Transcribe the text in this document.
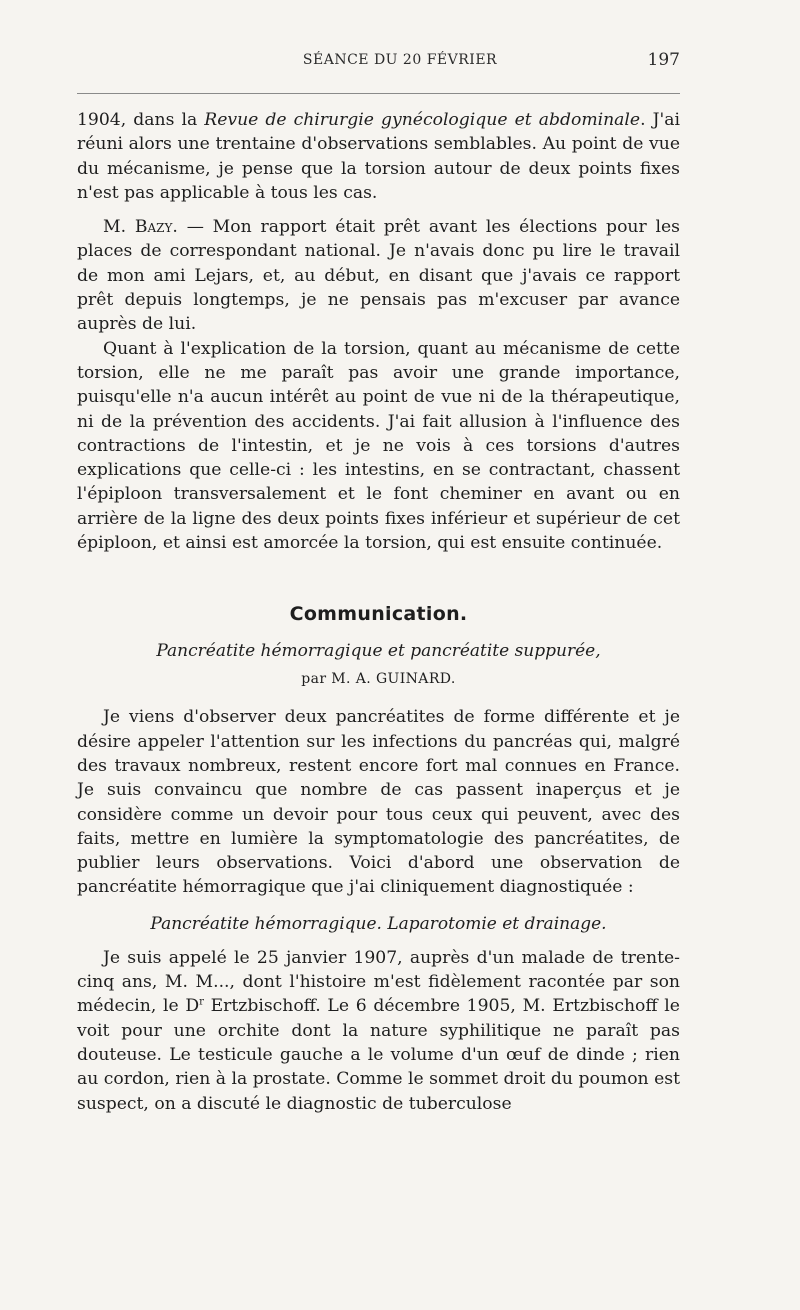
SÉANCE DU 20 FÉVRIER	197

1904, dans la Revue de chirurgie gynécologique et abdominale. J'ai réuni alors une trentaine d'observations semblables. Au point de vue du mécanisme, je pense que la torsion autour de deux points fixes n'est pas applicable à tous les cas.

M. Bazy. — Mon rapport était prêt avant les élections pour les places de correspondant national. Je n'avais donc pu lire le travail de mon ami Lejars, et, au début, en disant que j'avais ce rapport prêt depuis longtemps, je ne pensais pas m'excuser par avance auprès de lui.

Quant à l'explication de la torsion, quant au mécanisme de cette torsion, elle ne me paraît pas avoir une grande importance, puisqu'elle n'a aucun intérêt au point de vue ni de la thérapeutique, ni de la prévention des accidents. J'ai fait allusion à l'influence des contractions de l'intestin, et je ne vois à ces torsions d'autres explications que celle-ci : les intestins, en se contractant, chassent l'épiploon transversalement et le font cheminer en avant ou en arrière de la ligne des deux points fixes inférieur et supérieur de cet épiploon, et ainsi est amorcée la torsion, qui est ensuite continuée.

Communication.
Pancréatite hémorragique et pancréatite suppurée,
par M. A. GUINARD.

Je viens d'observer deux pancréatites de forme différente et je désire appeler l'attention sur les infections du pancréas qui, malgré des travaux nombreux, restent encore fort mal connues en France. Je suis convaincu que nombre de cas passent inaperçus et je considère comme un devoir pour tous ceux qui peuvent, avec des faits, mettre en lumière la symptomatologie des pancréatites, de publier leurs observations. Voici d'abord une observation de pancréatite hémorragique que j'ai cliniquement diagnostiquée :

Pancréatite hémorragique. Laparotomie et drainage.

Je suis appelé le 25 janvier 1907, auprès d'un malade de trente-cinq ans, M. M..., dont l'histoire m'est fidèlement racontée par son médecin, le $D^r$ Ertzbischoff. Le 6 décembre 1905, M. Ertzbischoff le voit pour une orchite dont la nature syphilitique ne paraît pas douteuse. Le testicule gauche a le volume d'un œuf de dinde ; rien au cordon, rien à la prostate. Comme le sommet droit du poumon est suspect, on a discuté le diagnostic de tuberculose
